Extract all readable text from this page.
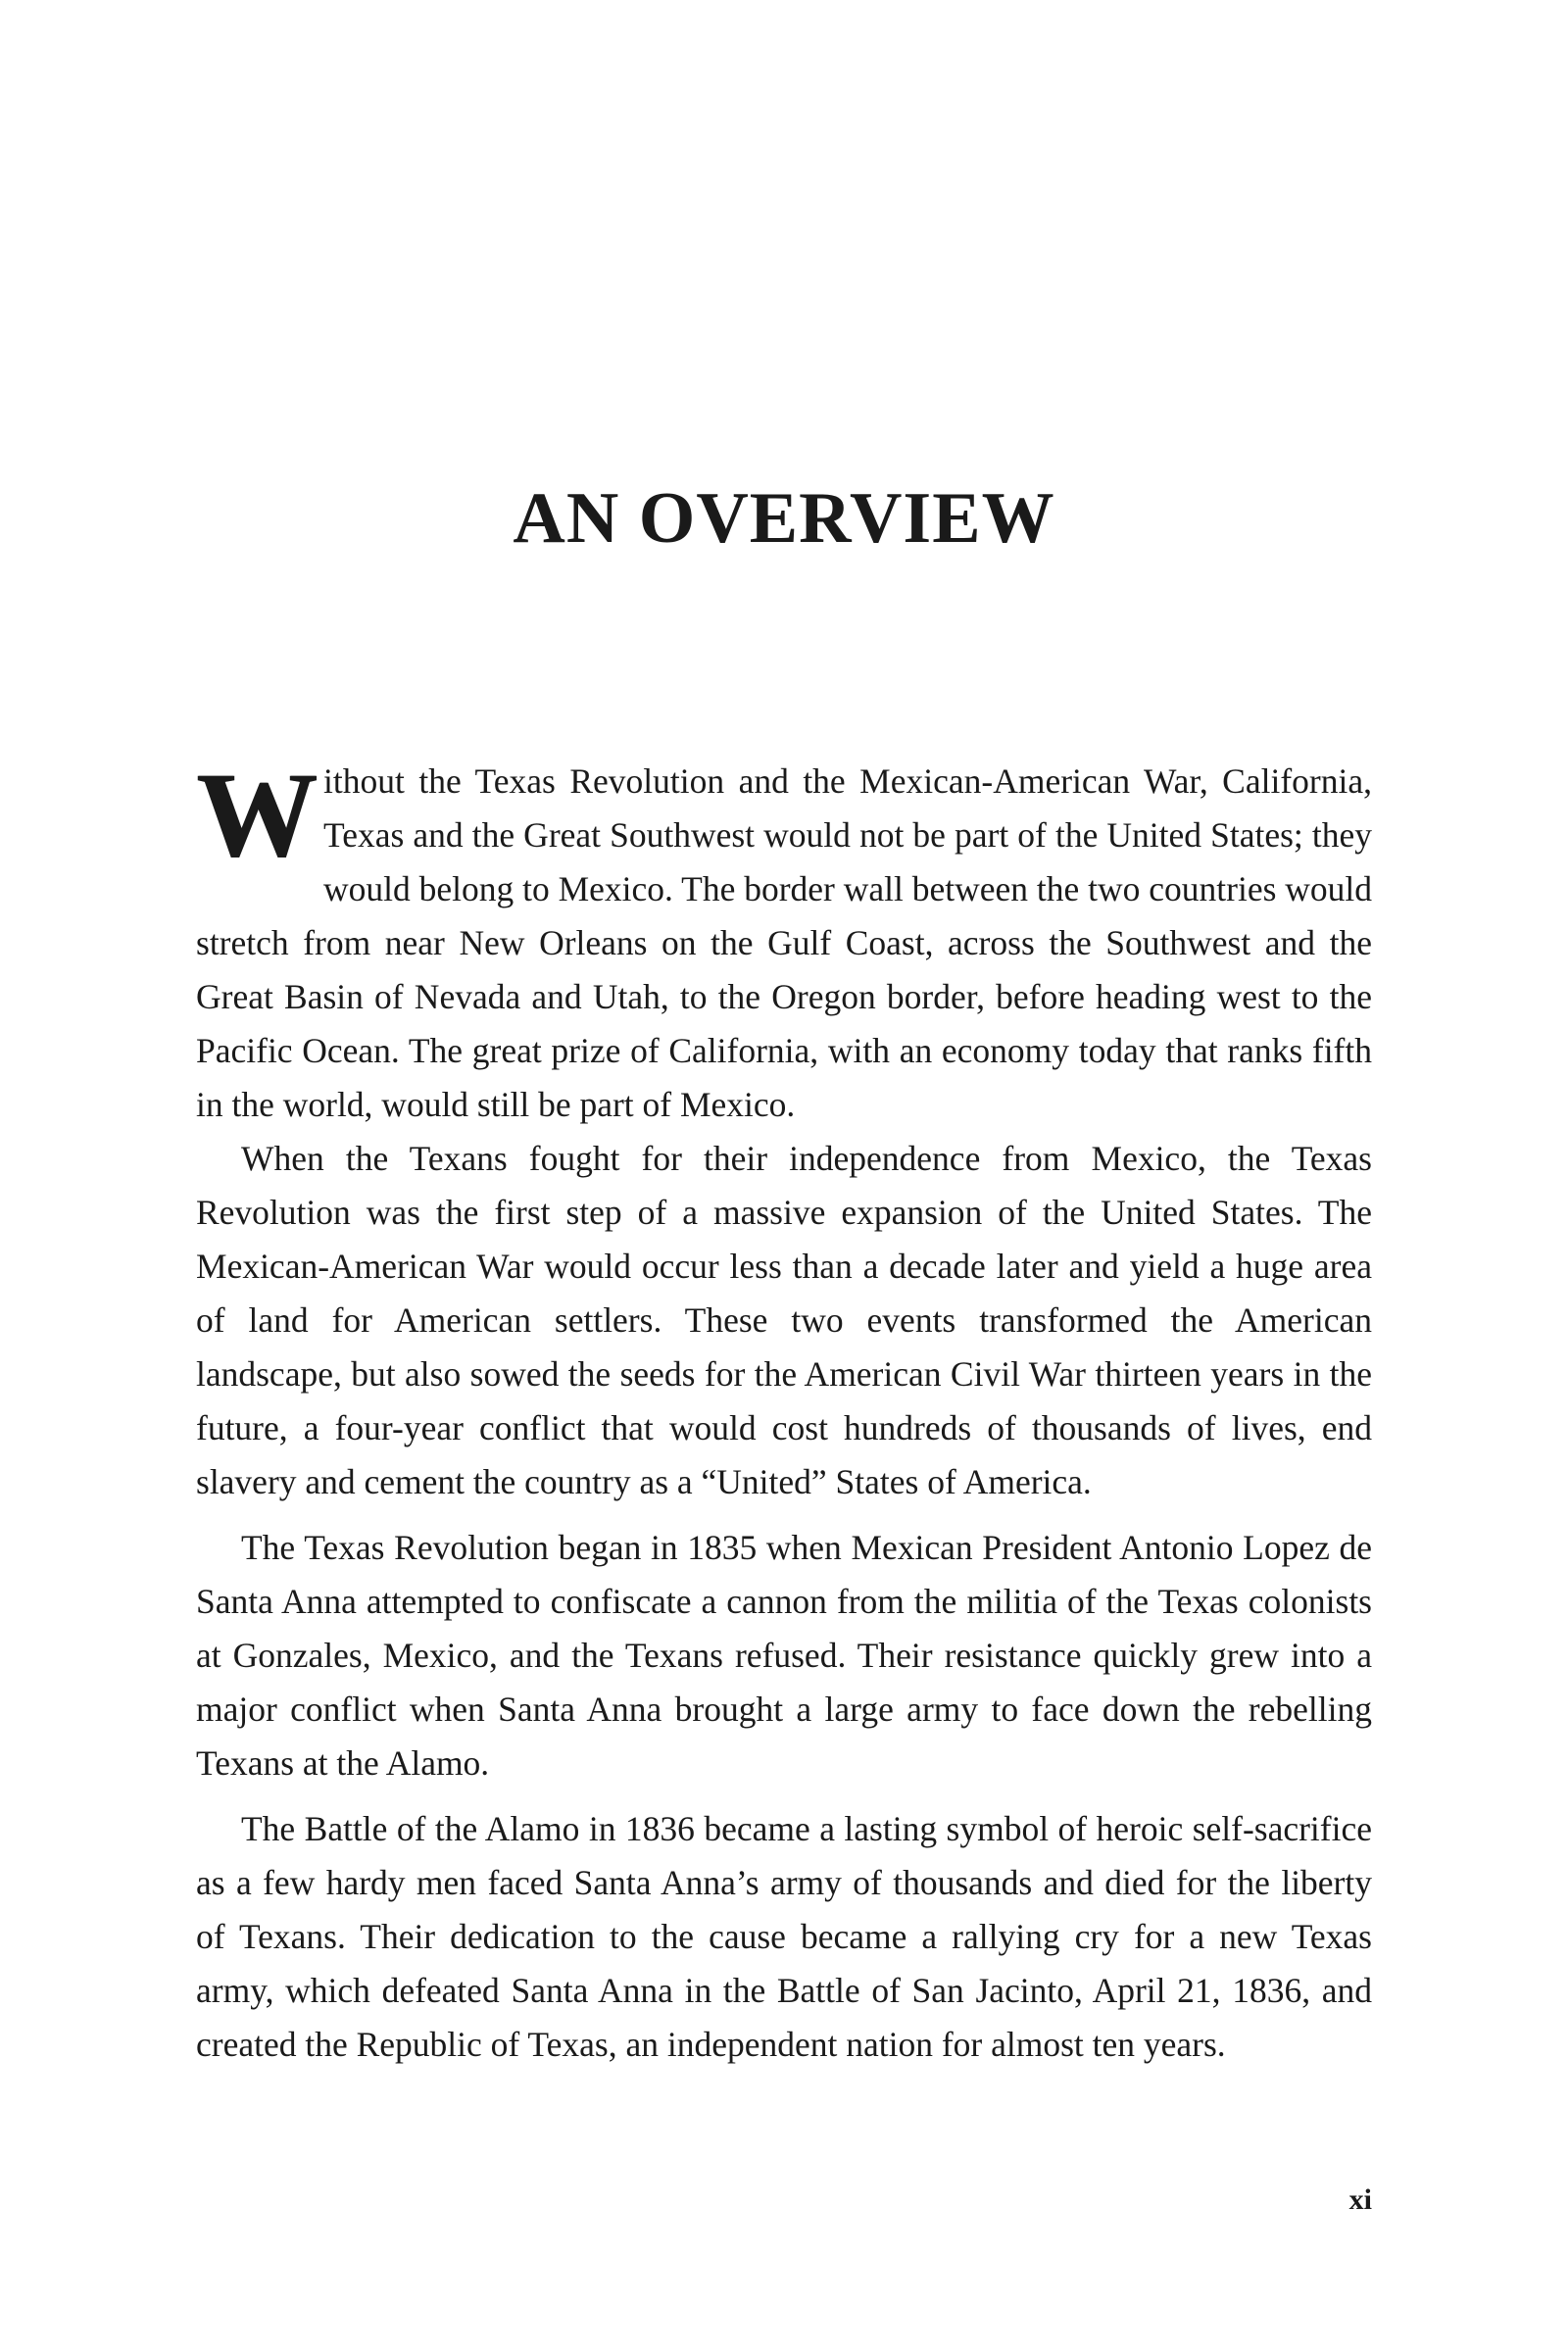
AN OVERVIEW

Without the Texas Revolution and the Mexican-American War, California, Texas and the Great Southwest would not be part of the United States; they would belong to Mexico. The border wall between the two countries would stretch from near New Orleans on the Gulf Coast, across the Southwest and the Great Basin of Nevada and Utah, to the Oregon border, before heading west to the Pacific Ocean. The great prize of California, with an economy today that ranks fifth in the world, would still be part of Mexico.

When the Texans fought for their independence from Mexico, the Texas Revolution was the first step of a massive expansion of the United States. The Mexican-American War would occur less than a decade later and yield a huge area of land for American settlers. These two events transformed the American landscape, but also sowed the seeds for the American Civil War thirteen years in the future, a four-year conflict that would cost hundreds of thousands of lives, end slavery and cement the country as a “United” States of America.

The Texas Revolution began in 1835 when Mexican President Antonio Lopez de Santa Anna attempted to confiscate a cannon from the militia of the Texas colonists at Gonzales, Mexico, and the Texans refused. Their resistance quickly grew into a major conflict when Santa Anna brought a large army to face down the rebelling Texans at the Alamo.

The Battle of the Alamo in 1836 became a lasting symbol of heroic self-sacrifice as a few hardy men faced Santa Anna’s army of thousands and died for the liberty of Texans. Their dedication to the cause became a rallying cry for a new Texas army, which defeated Santa Anna in the Battle of San Jacinto, April 21, 1836, and created the Republic of Texas, an independent nation for almost ten years.

xi
